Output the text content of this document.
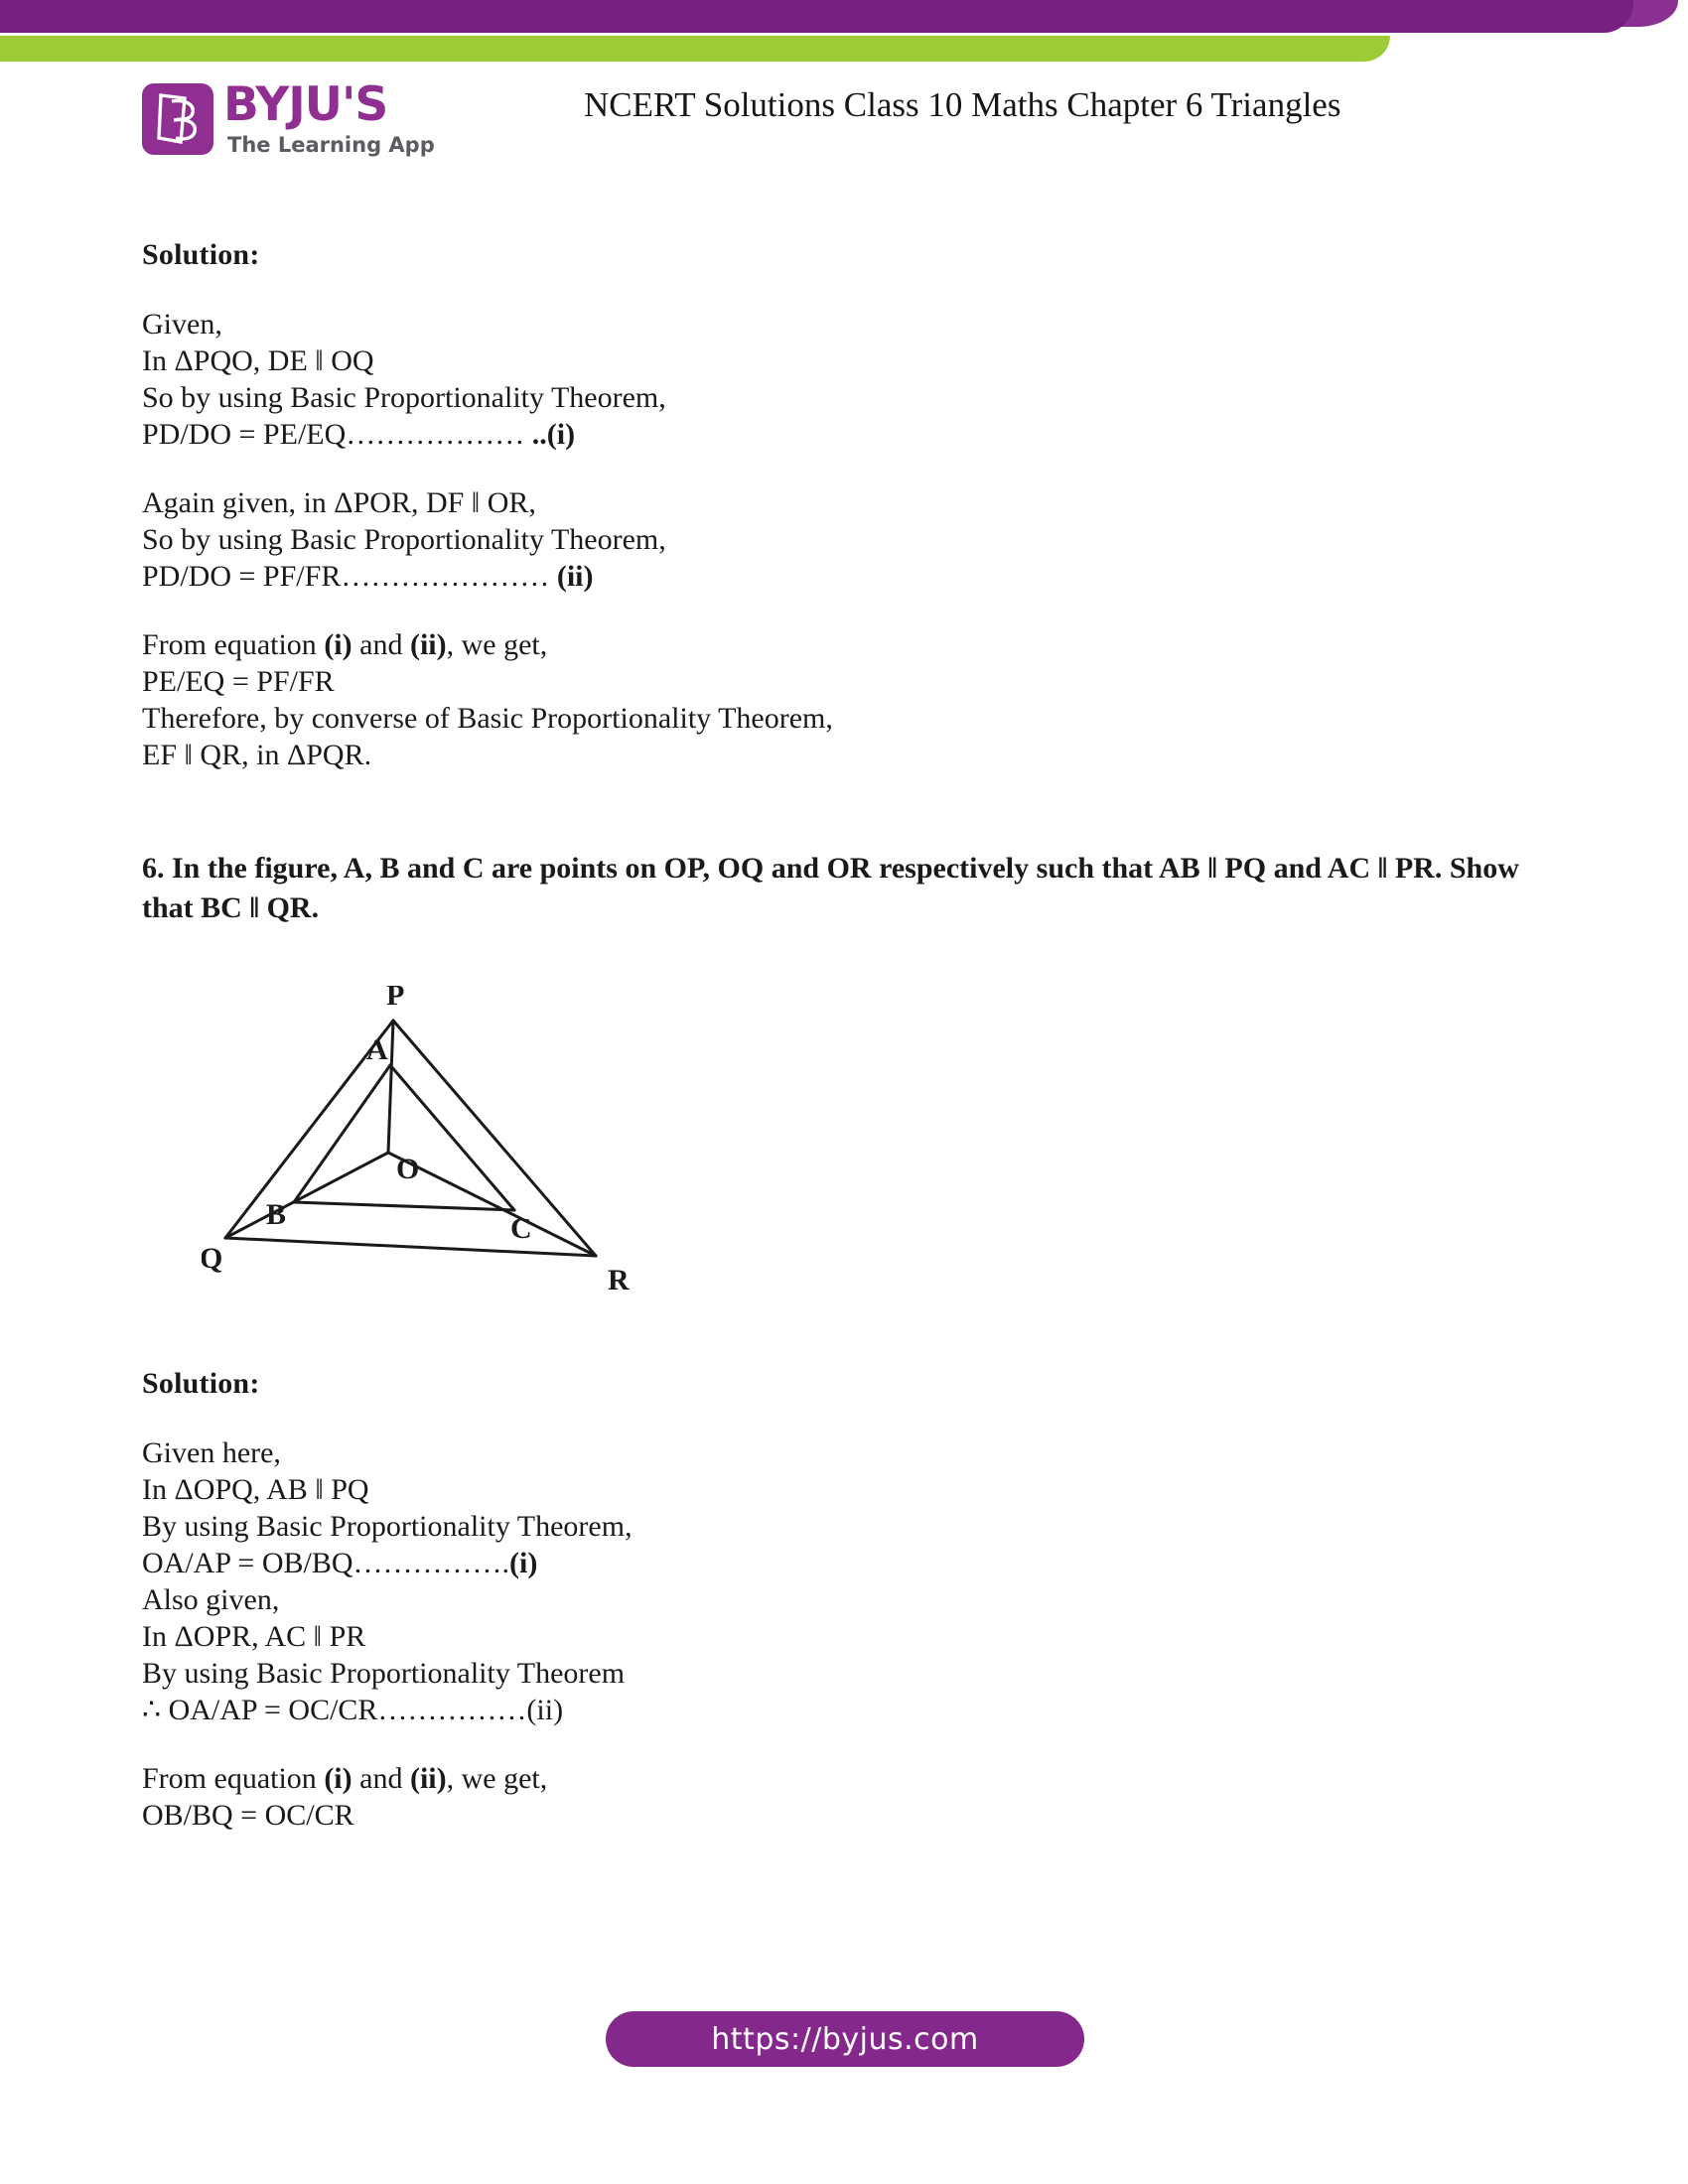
BYJU'S
The Learning App
NCERT Solutions Class 10 Maths Chapter 6 Triangles
Solution:

Given,
In ΔPQO, DE ‖ OQ
So by using Basic Proportionality Theorem,
PD/DO = PE/EQ……………… ..(i)

Again given, in ΔPOR, DF ‖ OR,
So by using Basic Proportionality Theorem,
PD/DO = PF/FR………………… (ii)

From equation (i) and (ii), we get,
PE/EQ = PF/FR
Therefore, by converse of Basic Proportionality Theorem,
EF ‖ QR, in ΔPQR.

6. In the figure, A, B and C are points on OP, OQ and OR respectively such that AB ‖ PQ and AC ‖ PR. Show that BC ‖ QR.

P
A
O
B	C
Q
R
Solution:

Given here,
In ΔOPQ, AB ‖ PQ
By using Basic Proportionality Theorem,
OA/AP = OB/BQ…………….(i)
Also given,
In ΔOPR, AC ‖ PR
By using Basic Proportionality Theorem
∴ OA/AP = OC/CR……………(ii)

From equation (i) and (ii), we get,
OB/BQ = OC/CR

https://byjus.com
